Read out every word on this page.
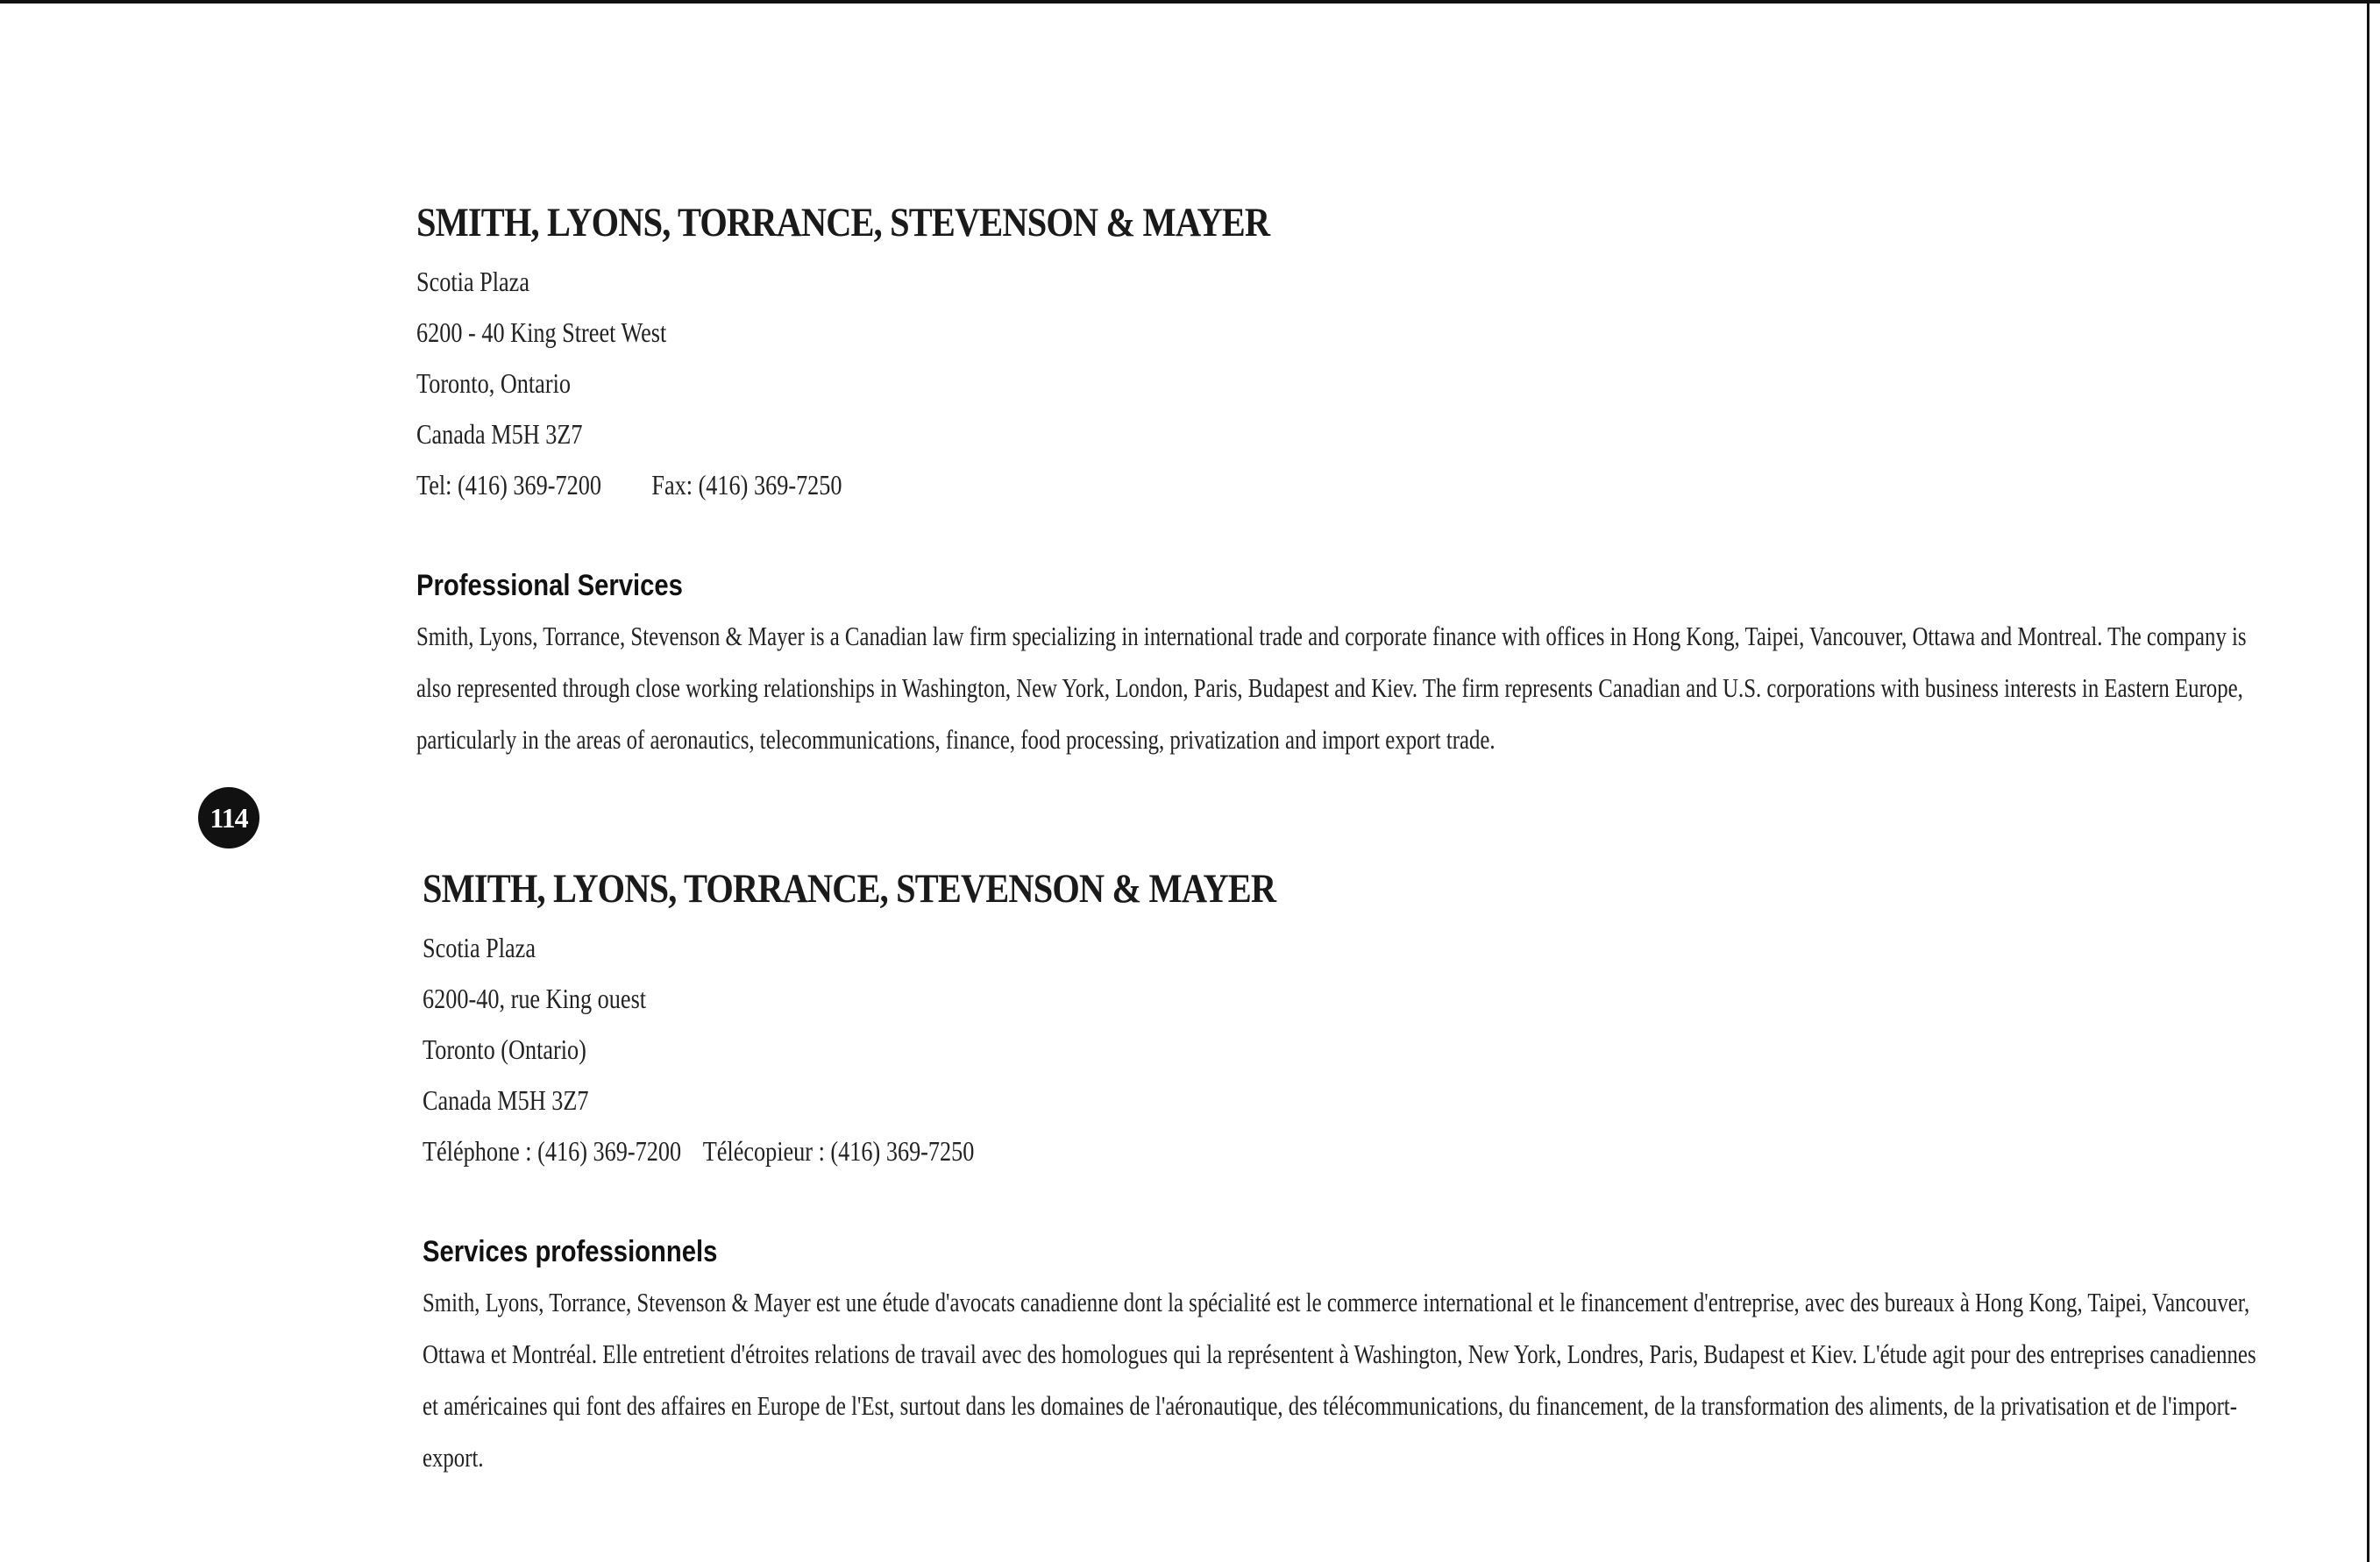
114
SMITH, LYONS, TORRANCE, STEVENSON & MAYER
Scotia Plaza
6200 - 40 King Street West
Toronto, Ontario
Canada M5H 3Z7
Tel: (416) 369-7200 Fax: (416) 369-7250
Professional Services

Smith, Lyons, Torrance, Stevenson & Mayer is a Canadian law firm specializing in international trade and corporate finance with offices in Hong Kong, Taipei, Vancouver, Ottawa and Montreal. The company is also represented through close working relationships in Washington, New York, London, Paris, Budapest and Kiev. The firm represents Canadian and U.S. corporations with business interests in Eastern Europe, particularly in the areas of aeronautics, telecommunications, finance, food processing, privatization and import export trade.

SMITH, LYONS, TORRANCE, STEVENSON & MAYER
Scotia Plaza
6200-40, rue King ouest
Toronto (Ontario)
Canada M5H 3Z7
Téléphone : (416) 369-7200 Télécopieur : (416) 369-7250
Services professionnels

Smith, Lyons, Torrance, Stevenson & Mayer est une étude d'avocats canadienne dont la spécialité est le commerce international et le financement d'entreprise, avec des bureaux à Hong Kong, Taipei, Vancouver, Ottawa et Montréal. Elle entretient d'étroites relations de travail avec des homologues qui la représentent à Washington, New York, Londres, Paris, Budapest et Kiev. L'étude agit pour des entreprises canadiennes et américaines qui font des affaires en Europe de l'Est, surtout dans les domaines de l'aéronautique, des télécommunications, du financement, de la transformation des aliments, de la privatisation et de l'import-export.
